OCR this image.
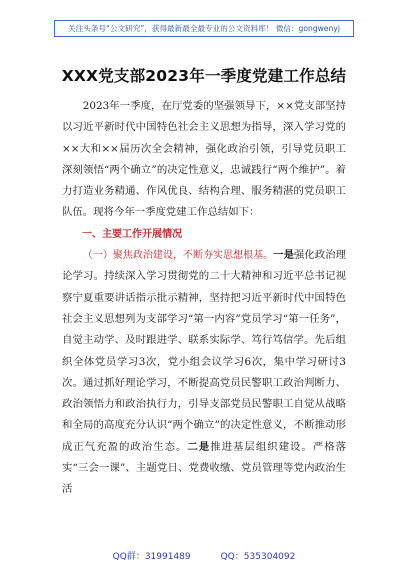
关注头条号“公文研究”，获得最新最全最专业的公文资料库！ 微信：gongwenyj
XXX党支部2023年一季度党建工作总结

2023年一季度，在厅党委的坚强领导下，××党支部坚持以习近平新时代中国特色社会主义思想为指导，深入学习党的××大和××届历次全会精神，强化政治引领，引导党员职工深刻领悟“两个确立”的决定性意义，忠诚践行“两个维护”。着力打造业务精通、作风优良、结构合理、服务精湛的党员职工队伍。现将今年一季度党建工作总结如下：

一、主要工作开展情况

（一）聚焦政治建设，不断夯实思想根基。一是强化政治理论学习。持续深入学习贯彻党的二十大精神和习近平总书记视察宁夏重要讲话指示批示精神，坚持把习近平新时代中国特色社会主义思想列为支部学习“第一内容”党员学习“第一任务”，自觉主动学、及时跟进学、联系实际学、笃行笃信学。先后组织全体党员学习3次，党小组会议学习6次，集中学习研讨3次。通过抓好理论学习，不断提高党员民警职工政治判断力、政治领悟力和政治执行力，引导支部党员民警职工自觉从战略和全局的高度充分认识“两个确立”的决定性意义，不断推动形成正气充盈的政治生态。二是推进基层组织建设。严格落实“三会一课”、主题党日、党费收缴、党员管理等党内政治生活

QQ群：31991489	QQ：535304092
